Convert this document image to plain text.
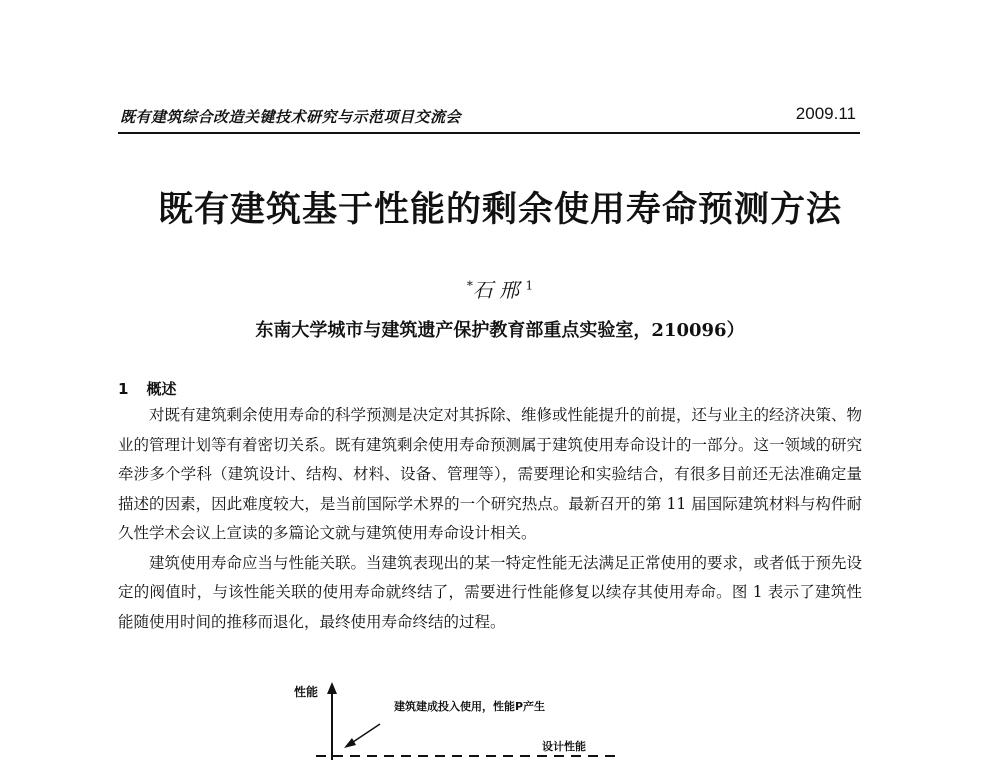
既有建筑综合改造关键技术研究与示范项目交流会	2009.11
既有建筑基于性能的剩余使用寿命预测方法
*石 邢 $^1$
东南大学城市与建筑遗产保护教育部重点实验室，210096）
1 概述

对既有建筑剩余使用寿命的科学预测是决定对其拆除、维修或性能提升的前提，还与业主的经济决策、物业的管理计划等有着密切关系。既有建筑剩余使用寿命预测属于建筑使用寿命设计的一部分。这一领域的研究牵涉多个学科（建筑设计、结构、材料、设备、管理等），需要理论和实验结合，有很多目前还无法准确定量描述的因素，因此难度较大，是当前国际学术界的一个研究热点。最新召开的第 11 届国际建筑材料与构件耐久性学术会议上宣读的多篇论文就与建筑使用寿命设计相关。

建筑使用寿命应当与性能关联。当建筑表现出的某一特定性能无法满足正常使用的要求，或者低于预先设定的阀值时，与该性能关联的使用寿命就终结了，需要进行性能修复以续存其使用寿命。图 1 表示了建筑性能随使用时间的推移而退化，最终使用寿命终结的过程。

性能
建筑建成投入使用，性能P产生
设计性能
